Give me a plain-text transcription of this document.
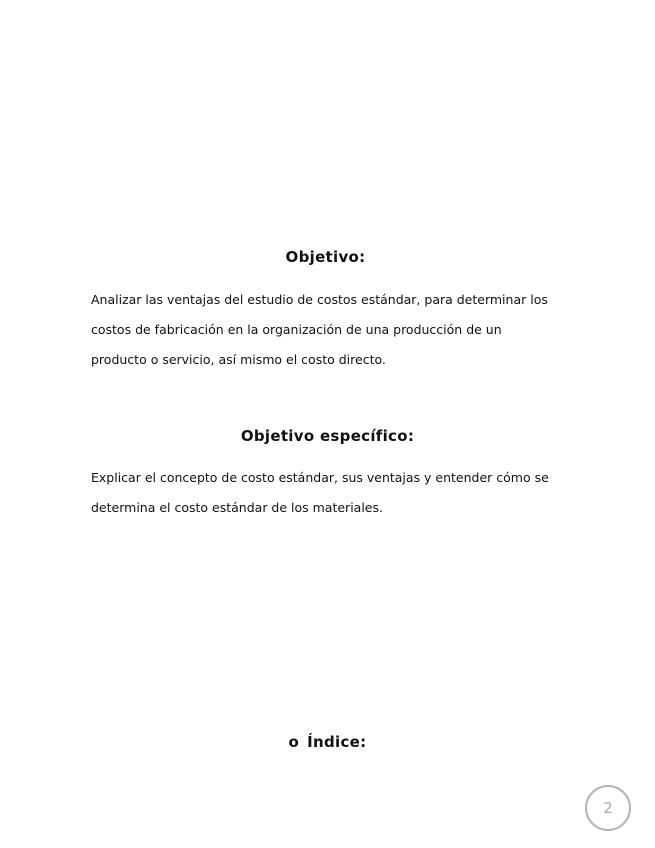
Objetivo:
Analizar las ventajas del estudio de costos estándar, para determinar los
costos de fabricación en la organización de una producción de un
producto o servicio, así mismo el costo directo.
Objetivo específico:
Explicar el concepto de costo estándar, sus ventajas y entender cómo se
determina el costo estándar de los materiales.
o Índice:
2
